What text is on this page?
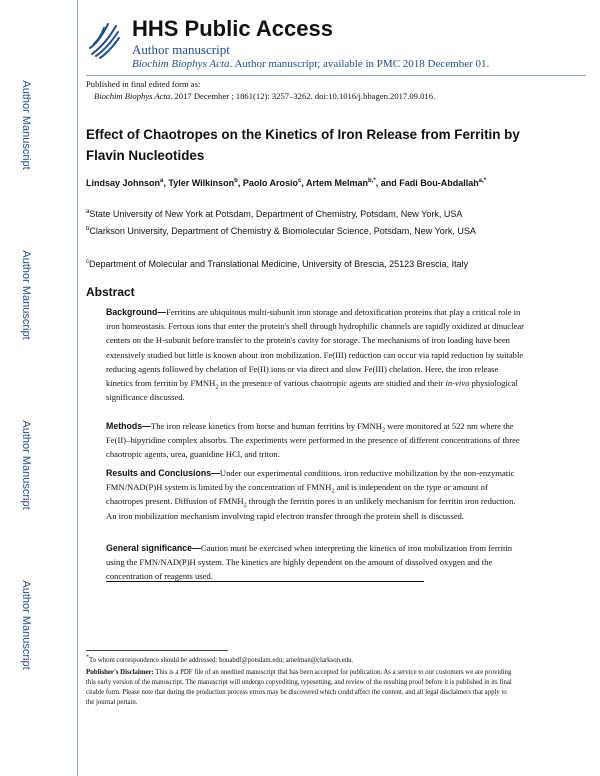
Author Manuscript
Author Manuscript
Author Manuscript
Author Manuscript
HHS Public Access
Author manuscript
Biochim Biophys Acta. Author manuscript; available in PMC 2018 December 01.
Published in final edited form as:
Biochim Biophys Acta. 2017 December ; 1861(12): 3257–3262. doi:10.1016/j.bbagen.2017.09.016.
Effect of Chaotropes on the Kinetics of Iron Release from Ferritin by Flavin Nucleotides
Lindsay Johnson$^a$, Tyler Wilkinson$^b$, Paolo Arosio$^c$, Artem Melman$^{b,*}$, and Fadi Bou-Abdallah$^{a,*}$
$^a$State University of New York at Potsdam, Department of Chemistry, Potsdam, New York, USA
$^b$Clarkson University, Department of Chemistry & Biomolecular Science, Potsdam, New York, USA
$^c$Department of Molecular and Translational Medicine, University of Brescia, 25123 Brescia, Italy
Abstract
Background—Ferritins are ubiquitous multi-subunit iron storage and detoxification proteins that play a critical role in iron homeostasis. Ferrous ions that enter the protein's shell through hydrophilic channels are rapidly oxidized at dinuclear centers on the H-subunit before transfer to the protein's cavity for storage. The mechanisms of iron loading have been extensively studied but little is known about iron mobilization. Fe(III) reduction can occur via rapid reduction by suitable reducing agents followed by chelation of Fe(II) ions or via direct and slow Fe(III) chelation. Here, the iron release kinetics from ferritin by $FMNH_2$ in the presence of various chaotropic agents are studied and their in-vivo physiological significance discussed.
Methods—The iron release kinetics from horse and human ferritins by $FMNH_2$ were monitored at 522 nm where the Fe(II)–bipyridine complex absorbs. The experiments were performed in the presence of different concentrations of three chaotropic agents, urea, guanidine HCl, and triton.
Results and Conclusions—Under our experimental conditions, iron reductive mobilization by the non-enzymatic FMN/NAD(P)H system is limited by the concentration of $FMNH_2$ and is independent on the type or amount of chaotropes present. Diffusion of $FMNH_2$ through the ferritin pores is an unlikely mechanism for ferritin iron reduction. An iron mobilization mechanism involving rapid electron transfer through the protein shell is discussed.
General significance—Caution must be exercised when interpreting the kinetics of iron mobilization from ferritin using the FMN/NAD(P)H system. The kinetics are highly dependent on the amount of dissolved oxygen and the concentration of reagents used.
*To whom correspondence should be addressed: bouabdf@potsdam.edu; amelman@clarkson.edu.
Publisher's Disclaimer: This is a PDF file of an unedited manuscript that has been accepted for publication. As a service to our customers we are providing this early version of the manuscript. The manuscript will undergo copyediting, typesetting, and review of the resulting proof before it is published in its final citable form. Please note that during the production process errors may be discovered which could affect the content, and all legal disclaimers that apply to the journal pertain.
